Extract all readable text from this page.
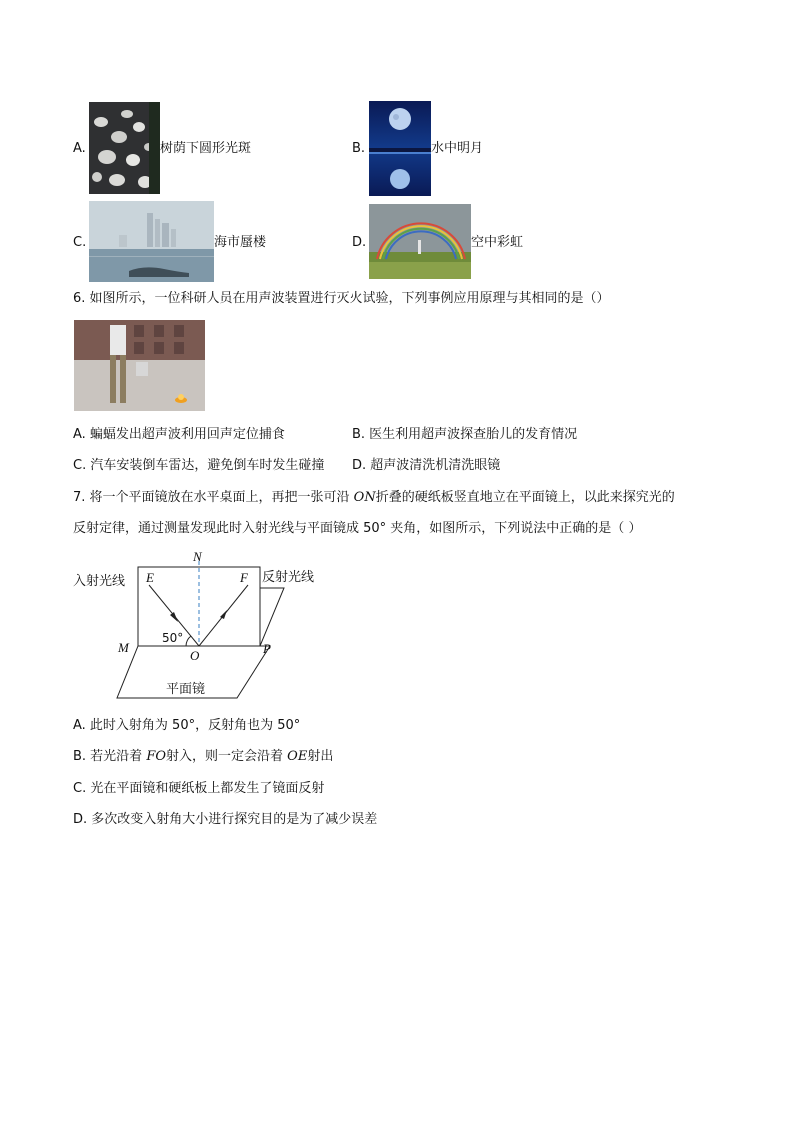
A.	树荫下圆形光斑	B.	水中明月
C.	海市蜃楼	D.	空中彩虹
6. 如图所示，一位科研人员在用声波装置进行灭火试验，下列事例应用原理与其相同的是（）
A. 蝙蝠发出超声波利用回声定位捕食	B. 医生利用超声波探查胎儿的发育情况
C. 汽车安装倒车雷达，避免倒车时发生碰撞 D. 超声波清洗机清洗眼镜
7. 将一个平面镜放在水平桌面上，再把一张可沿 ON折叠的硬纸板竖直地立在平面镜上，以此来探究光的
反射定律，通过测量发现此时入射光线与平面镜成 50° 夹角，如图所示，下列说法中正确的是（ ）
N
E	F
M
O	P
50°
入射光线	反射光线
平面镜
A. 此时入射角为 50°，反射角也为 50°
B. 若光沿着 FO射入，则一定会沿着 OE射出
C. 光在平面镜和硬纸板上都发生了镜面反射
D. 多次改变入射角大小进行探究目的是为了减少误差
